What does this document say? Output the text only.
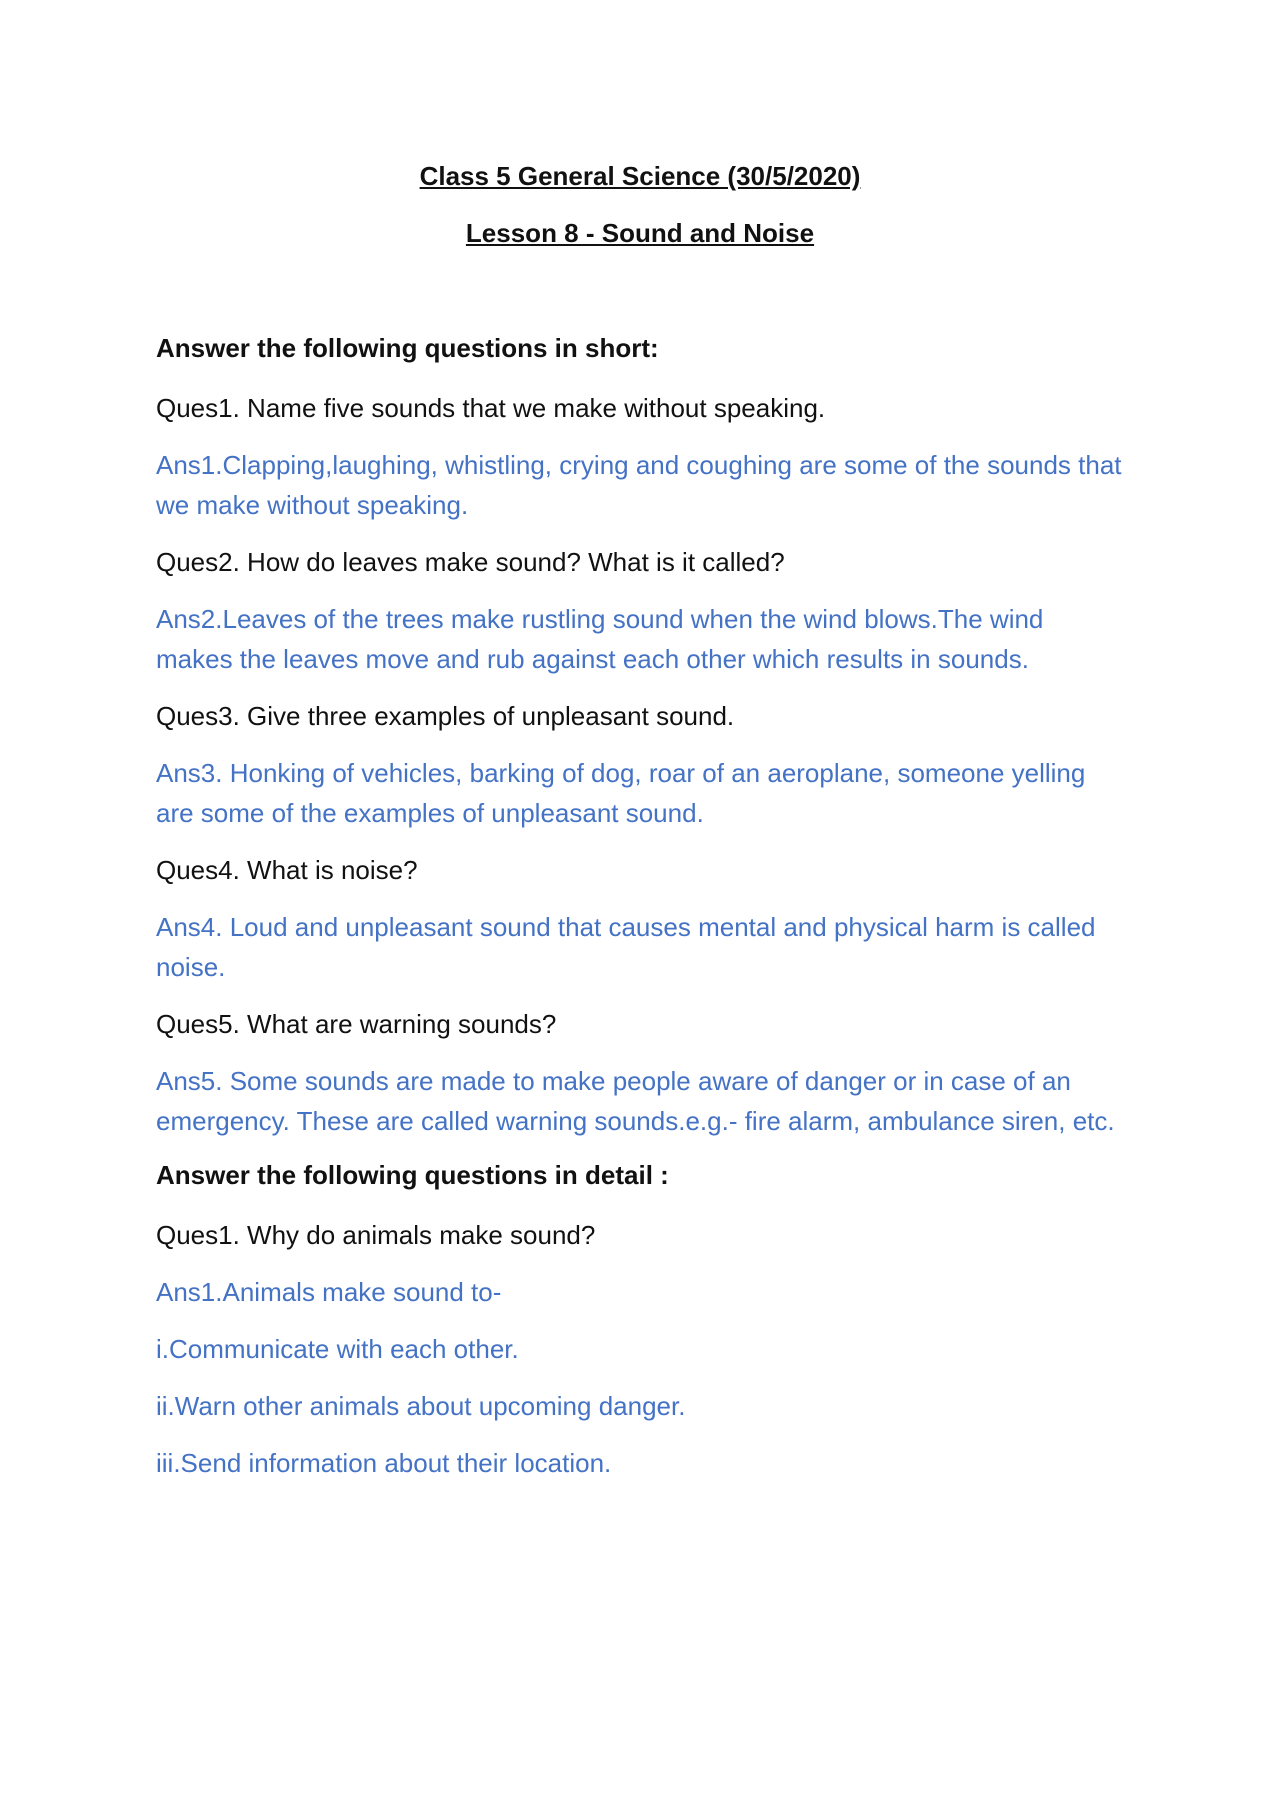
Class 5 General Science (30/5/2020)

Lesson 8 - Sound and Noise

Answer the following questions in short:

Ques1. Name five sounds that we make without speaking.

Ans1.Clapping,laughing, whistling, crying and coughing are some of the sounds that we make without speaking.

Ques2. How do leaves make sound? What is it called?

Ans2.Leaves of the trees make rustling sound when the wind blows.The wind makes the leaves move and rub against each other which results in sounds.

Ques3. Give three examples of unpleasant sound.

Ans3. Honking of vehicles, barking of dog, roar of an aeroplane, someone yelling are some of the examples of unpleasant sound.

Ques4. What is noise?

Ans4. Loud and unpleasant sound that causes mental and physical harm is called noise.

Ques5. What are warning sounds?

Ans5. Some sounds are made to make people aware of danger or in case of an emergency. These are called warning sounds.e.g.- fire alarm, ambulance siren, etc.

Answer the following questions in detail :

Ques1. Why do animals make sound?

Ans1.Animals make sound to-

i.Communicate with each other.

ii.Warn other animals about upcoming danger.

iii.Send information about their location.
